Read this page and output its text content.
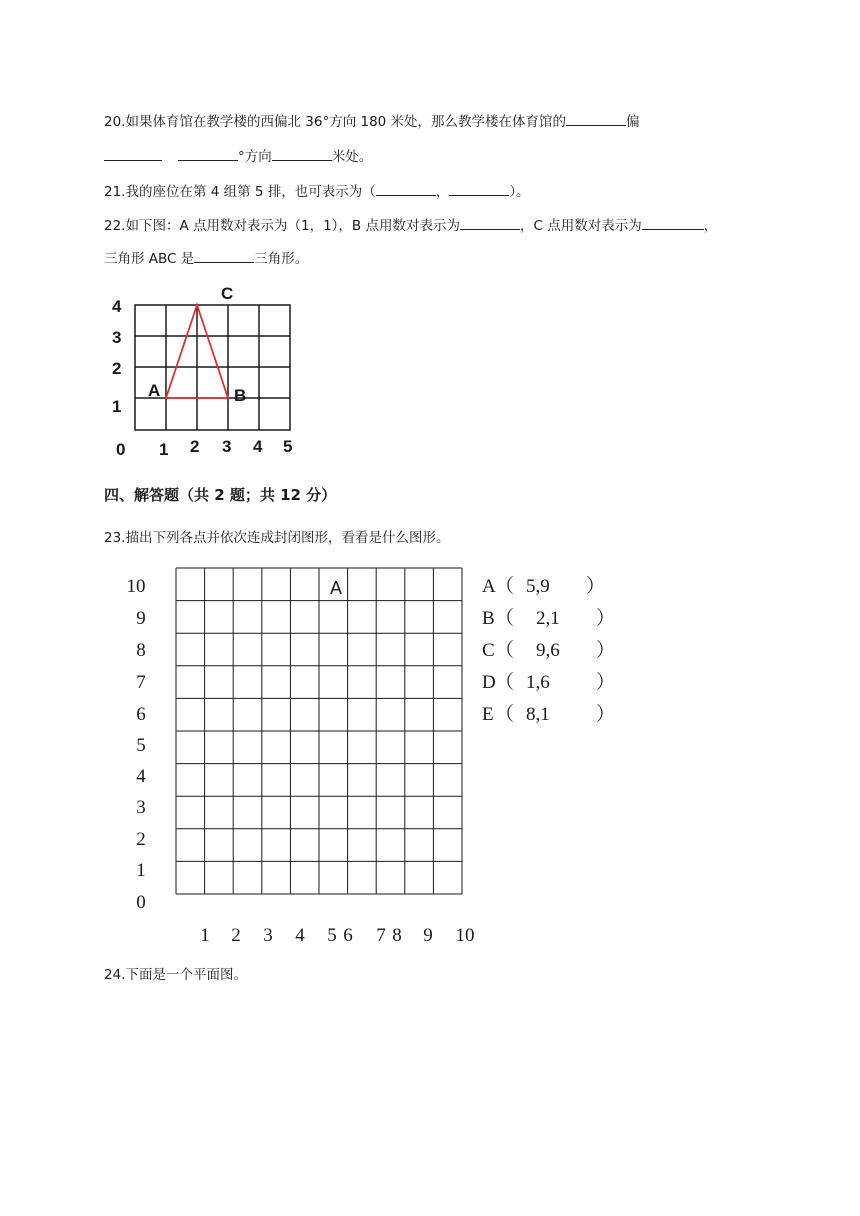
20.如果体育馆在教学楼的西偏北 36°方向 180 米处，那么教学楼在体育馆的	偏
°方向	米处。
21.我的座位在第 4 组第 5 排，也可表示为（	，	）。
22.如下图：A 点用数对表示为（1，1），B 点用数对表示为	，C 点用数对表示为	，
三角形 ABC 是	三角形。
4
3
2
1
0 1 2 3 4 5
A	B
C
四、解答题（共 2 题；共 12 分）
23.描出下列各点并依次连成封闭图形，看看是什么图形。
A
10
9
8
7
6
5
4
3
2
1
0
1 2 3 4 5 6 7 8 9 10
A （ 5,9 ）
B （ 2,1 ）
C （ 9,6 ）
D （ 1,6 ）
E （ 8,1 ）
24.下面是一个平面图。
